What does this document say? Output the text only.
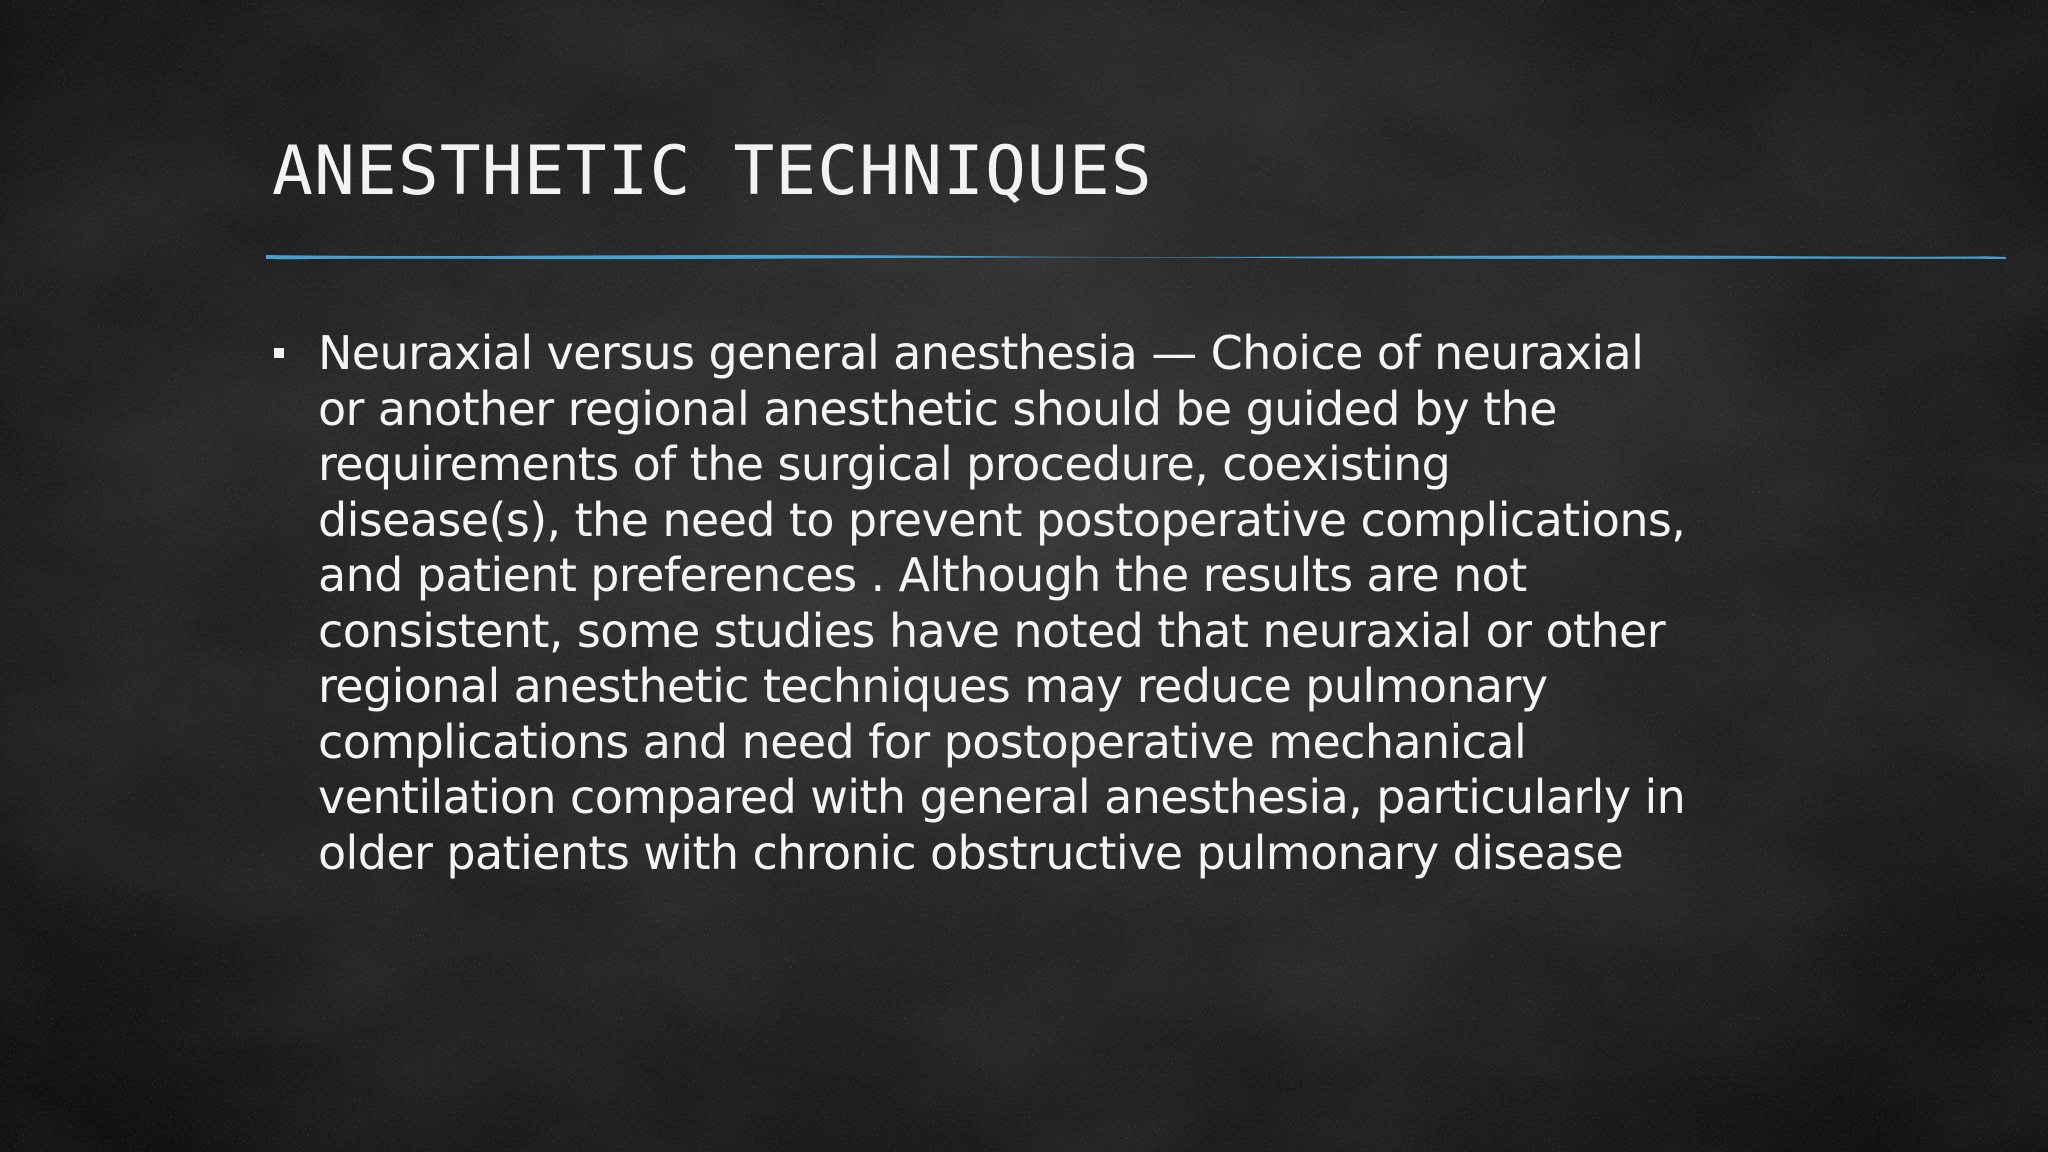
ANESTHETIC TECHNIQUES

Neuraxial versus general anesthesia — Choice of neuraxial
or another regional anesthetic should be guided by the
requirements of the surgical procedure, coexisting
disease(s), the need to prevent postoperative complications,
and patient preferences . Although the results are not
consistent, some studies have noted that neuraxial or other
regional anesthetic techniques may reduce pulmonary
complications and need for postoperative mechanical
ventilation compared with general anesthesia, particularly in
older patients with chronic obstructive pulmonary disease
